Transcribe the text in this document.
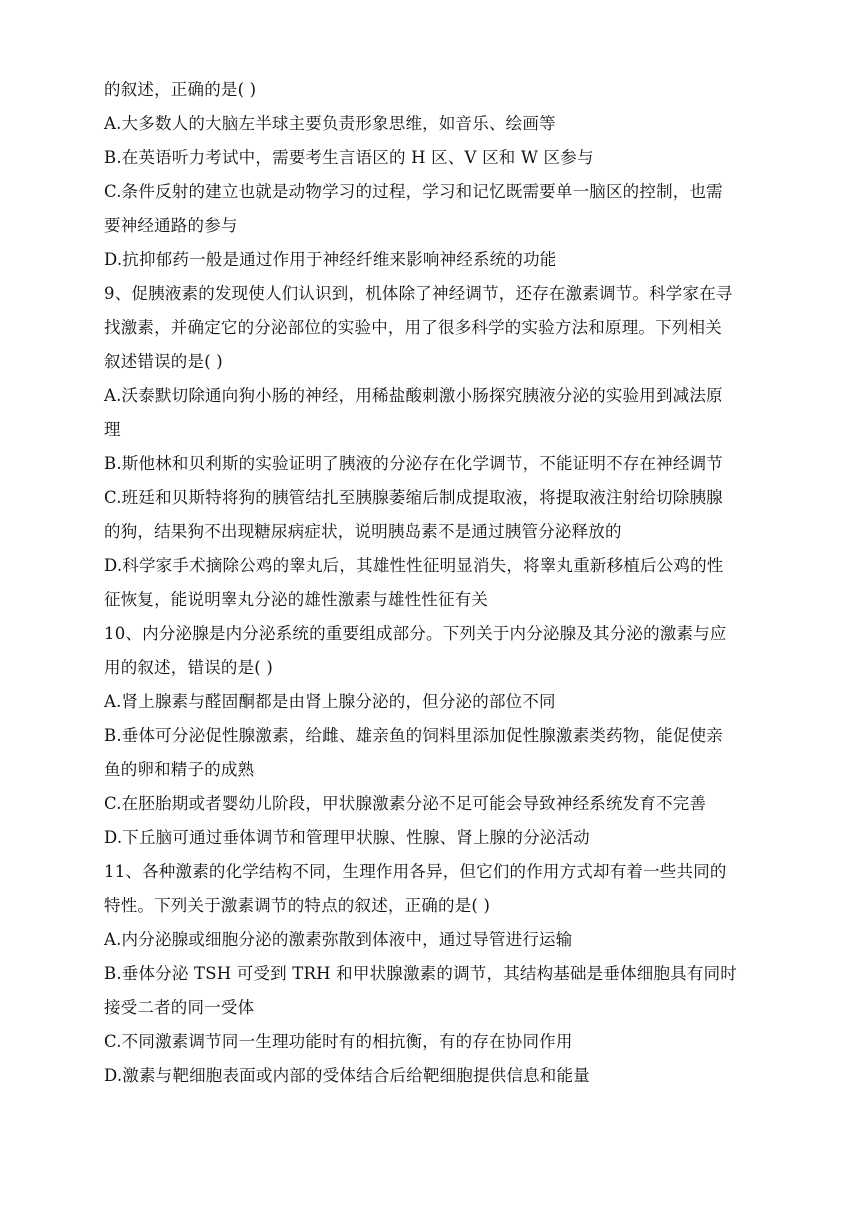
的叙述，正确的是( )
A.大多数人的大脑左半球主要负责形象思维，如音乐、绘画等
B.在英语听力考试中，需要考生言语区的 H 区、V 区和 W 区参与
C.条件反射的建立也就是动物学习的过程，学习和记忆既需要单一脑区的控制，也需
要神经通路的参与
D.抗抑郁药一般是通过作用于神经纤维来影响神经系统的功能
9、促胰液素的发现使人们认识到，机体除了神经调节，还存在激素调节。科学家在寻
找激素，并确定它的分泌部位的实验中，用了很多科学的实验方法和原理。下列相关
叙述错误的是( )
A.沃泰默切除通向狗小肠的神经，用稀盐酸刺激小肠探究胰液分泌的实验用到减法原
理
B.斯他林和贝利斯的实验证明了胰液的分泌存在化学调节，不能证明不存在神经调节
C.班廷和贝斯特将狗的胰管结扎至胰腺萎缩后制成提取液，将提取液注射给切除胰腺
的狗，结果狗不出现糖尿病症状，说明胰岛素不是通过胰管分泌释放的
D.科学家手术摘除公鸡的睾丸后，其雄性性征明显消失，将睾丸重新移植后公鸡的性
征恢复，能说明睾丸分泌的雄性激素与雄性性征有关
10、内分泌腺是内分泌系统的重要组成部分。下列关于内分泌腺及其分泌的激素与应
用的叙述，错误的是( )
A.肾上腺素与醛固酮都是由肾上腺分泌的，但分泌的部位不同
B.垂体可分泌促性腺激素，给雌、雄亲鱼的饲料里添加促性腺激素类药物，能促使亲
鱼的卵和精子的成熟
C.在胚胎期或者婴幼儿阶段，甲状腺激素分泌不足可能会导致神经系统发育不完善
D.下丘脑可通过垂体调节和管理甲状腺、性腺、肾上腺的分泌活动
11、各种激素的化学结构不同，生理作用各异，但它们的作用方式却有着一些共同的
特性。下列关于激素调节的特点的叙述，正确的是( )
A.内分泌腺或细胞分泌的激素弥散到体液中，通过导管进行运输
B.垂体分泌 TSH 可受到 TRH 和甲状腺激素的调节，其结构基础是垂体细胞具有同时
接受二者的同一受体
C.不同激素调节同一生理功能时有的相抗衡，有的存在协同作用
D.激素与靶细胞表面或内部的受体结合后给靶细胞提供信息和能量
